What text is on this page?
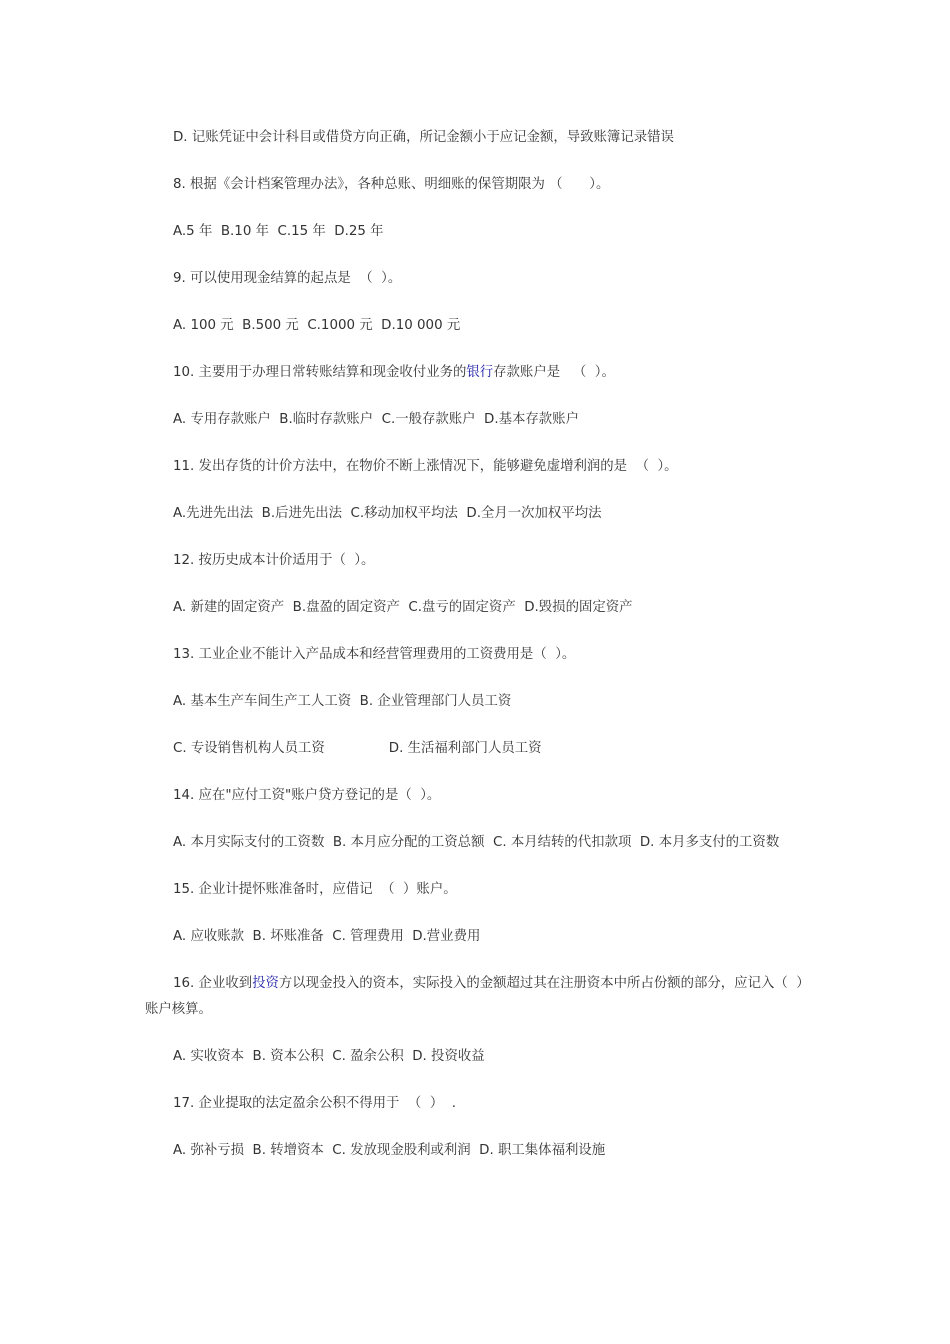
D. 记账凭证中会计科目或借贷方向正确，所记金额小于应记金额，导致账簿记录错误

8. 根据《会计档案管理办法》，各种总账、明细账的保管期限为 （　　）。

A.5 年  B.10 年  C.15 年  D.25 年

9. 可以使用现金结算的起点是  （  ）。

A. 100 元  B.500 元  C.1000 元  D.10 000 元

10. 主要用于办理日常转账结算和现金收付业务的银行存款账户是   （  ）。

A. 专用存款账户  B.临时存款账户  C.一般存款账户  D.基本存款账户

11. 发出存货的计价方法中，在物价不断上涨情况下，能够避免虚增利润的是  （  ）。

A.先进先出法  B.后进先出法  C.移动加权平均法  D.全月一次加权平均法

12. 按历史成本计价适用于（  ）。

A. 新建的固定资产  B.盘盈的固定资产  C.盘亏的固定资产  D.毁损的固定资产

13. 工业企业不能计入产品成本和经营管理费用的工资费用是（  ）。

A. 基本生产车间生产工人工资  B. 企业管理部门人员工资

C. 专设销售机构人员工资	D. 生活福利部门人员工资

14. 应在"应付工资"账户贷方登记的是（  ）。

A. 本月实际支付的工资数  B. 本月应分配的工资总额  C. 本月结转的代扣款项  D. 本月多支付的工资数

15. 企业计提怀账准备时，应借记  （  ）账户。

A. 应收账款  B. 坏账准备  C. 管理费用  D.营业费用

16. 企业收到投资方以现金投入的资本，实际投入的金额超过其在注册资本中所占份额的部分，应记入（  ）账户核算。

A. 实收资本  B. 资本公积  C. 盈余公积  D. 投资收益

17. 企业提取的法定盈余公积不得用于  （  ）  .

A. 弥补亏损  B. 转增资本  C. 发放现金股利或利润  D. 职工集体福利设施
